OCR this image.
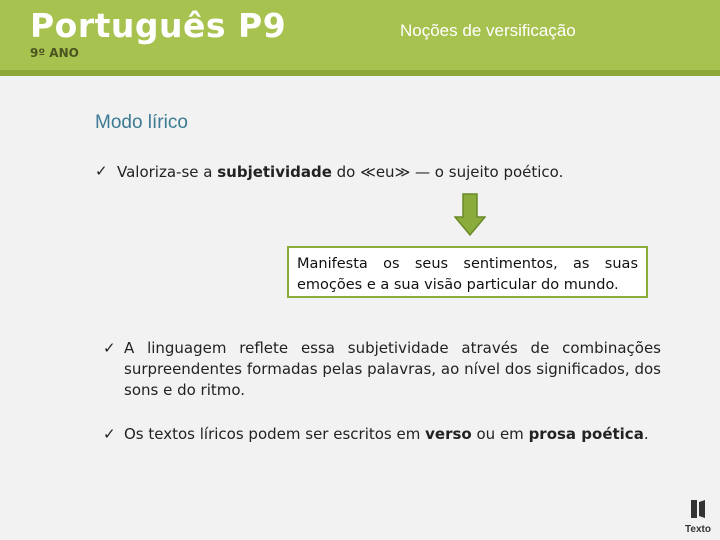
Português P9
9º ANO
Noções de versificação
Modo lírico
✓ Valoriza-se a subjetividade do ≪eu≫ — o sujeito poético.
Manifesta os seus sentimentos, as suas emoções e a sua visão particular do mundo.
✓ A linguagem reflete essa subjetividade através de combinações surpreendentes formadas pelas palavras, ao nível dos significados, dos sons e do ritmo.
✓ Os textos líricos podem ser escritos em verso ou em prosa poética.
Texto
